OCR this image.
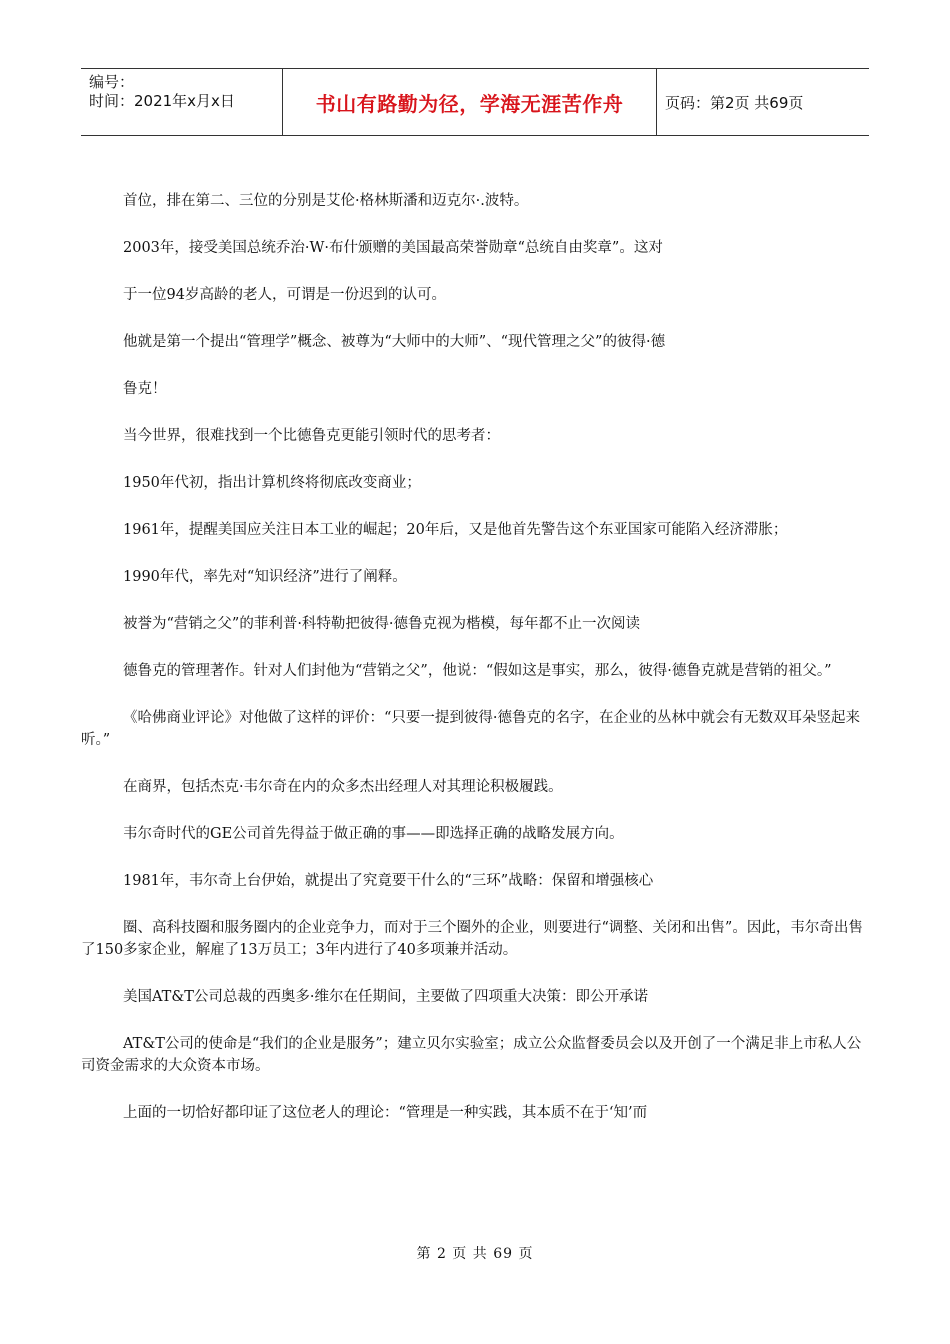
编号：
时间：2021年x月x日	书山有路勤为径，学海无涯苦作舟	页码：第2页 共69页

首位，排在第二、三位的分别是艾伦·格林斯潘和迈克尔·.波特。

2003年，接受美国总统乔治·W·布什颁赠的美国最高荣誉勋章“总统自由奖章”。这对

于一位94岁高龄的老人，可谓是一份迟到的认可。

他就是第一个提出“管理学”概念、被尊为“大师中的大师”、“现代管理之父”的彼得·德

鲁克！

当今世界，很难找到一个比德鲁克更能引领时代的思考者：

1950年代初，指出计算机终将彻底改变商业；

1961年，提醒美国应关注日本工业的崛起；20年后，又是他首先警告这个东亚国家可能陷入经济滞胀；

1990年代，率先对“知识经济”进行了阐释。

被誉为“营销之父”的菲利普·科特勒把彼得·德鲁克视为楷模，每年都不止一次阅读

德鲁克的管理著作。针对人们封他为“营销之父”，他说：“假如这是事实，那么，彼得·德鲁克就是营销的祖父。”

《哈佛商业评论》对他做了这样的评价：“只要一提到彼得·德鲁克的名字，在企业的丛林中就会有无数双耳朵竖起来听。”

在商界，包括杰克·韦尔奇在内的众多杰出经理人对其理论积极履践。

韦尔奇时代的GE公司首先得益于做正确的事——即选择正确的战略发展方向。

1981年，韦尔奇上台伊始，就提出了究竟要干什么的“三环”战略：保留和增强核心

圈、高科技圈和服务圈内的企业竞争力，而对于三个圈外的企业，则要进行“调整、关闭和出售”。因此，韦尔奇出售了150多家企业，解雇了13万员工；3年内进行了40多项兼并活动。

美国AT&T公司总裁的西奥多·维尔在任期间，主要做了四项重大决策：即公开承诺

AT&T公司的使命是“我们的企业是服务”；建立贝尔实验室；成立公众监督委员会以及开创了一个满足非上市私人公司资金需求的大众资本市场。

上面的一切恰好都印证了这位老人的理论：“管理是一种实践，其本质不在于‘知’而

第 2 页 共 69 页
